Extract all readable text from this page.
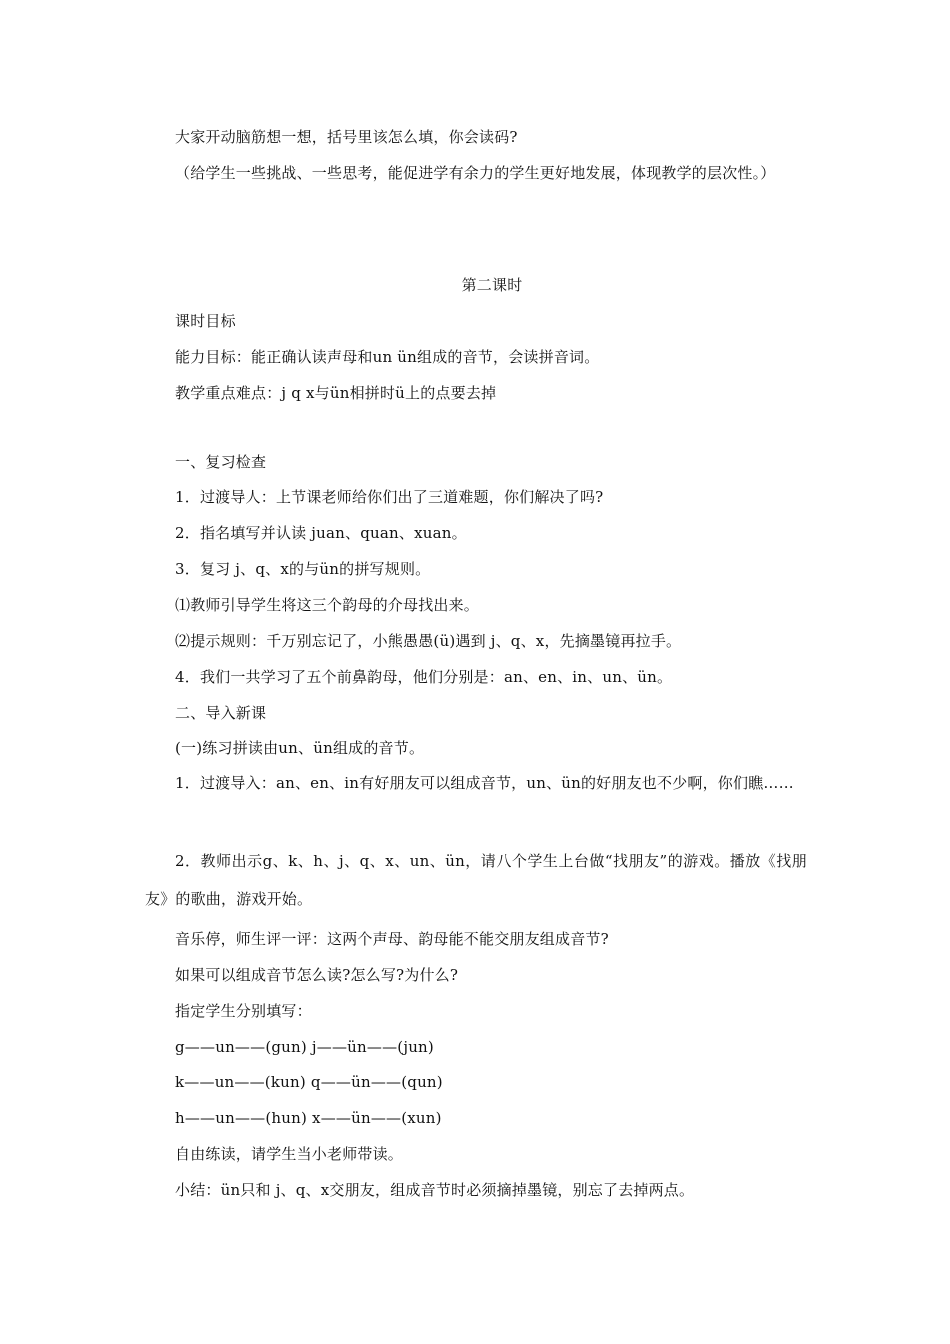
大家开动脑筋想一想，括号里该怎么填，你会读码?
（给学生一些挑战、一些思考，能促进学有余力的学生更好地发展，体现教学的层次性。）
第二课时
课时目标
能力目标：能正确认读声母和un ün组成的音节，会读拼音词。
教学重点难点：j q x与ün相拼时ü上的点要去掉
一、复习检查
1．过渡导人：上节课老师给你们出了三道难题，你们解决了吗?
2．指名填写并认读 juan、quan、xuan。
3．复习 j、q、x的与ün的拼写规则。
⑴教师引导学生将这三个韵母的介母找出来。
⑵提示规则：千万别忘记了，小熊愚愚(ü)遇到 j、q、x，先摘墨镜再拉手。
4．我们一共学习了五个前鼻韵母，他们分别是：an、en、in、un、ün。
二、导入新课
(一)练习拼读由un、ün组成的音节。
1．过渡导入：an、en、in有好朋友可以组成音节，un、ün的好朋友也不少啊，你们瞧……
2．教师出示g、k、h、j、q、x、un、ün，请八个学生上台做“找朋友”的游戏。播放《找朋友》的歌曲，游戏开始。
音乐停，师生评一评：这两个声母、韵母能不能交朋友组成音节?
如果可以组成音节怎么读?怎么写?为什么?
指定学生分别填写：
g——un——(gun) j——ün——(jun)
k——un——(kun) q——ün——(qun)
h——un——(hun) x——ün——(xun)
自由练读，请学生当小老师带读。
小结：ün只和 j、q、x交朋友，组成音节时必须摘掉墨镜，别忘了去掉两点。
